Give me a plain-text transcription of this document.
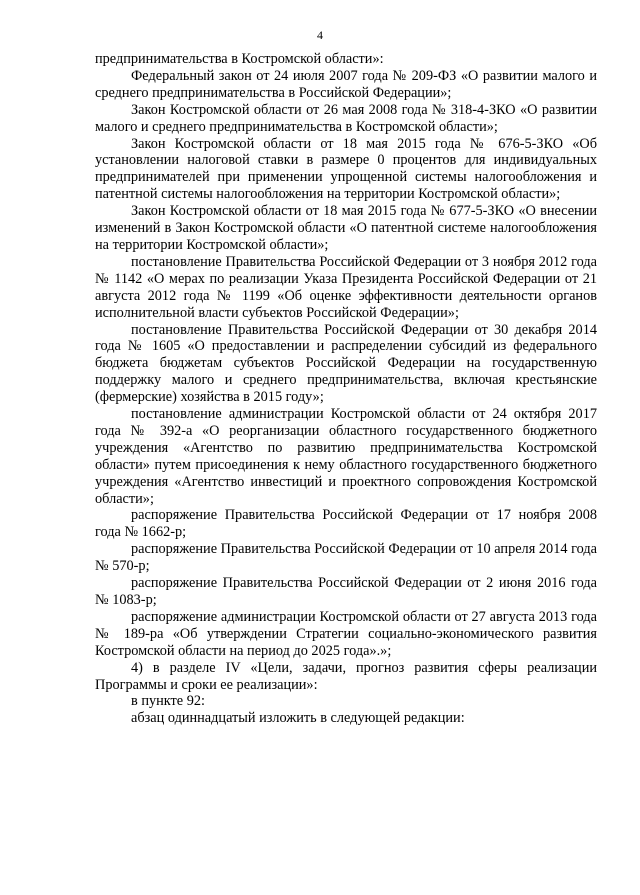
4

предпринимательства в Костромской области»:

Федеральный закон от 24 июля 2007 года № 209-ФЗ «О развитии малого и среднего предпринимательства в Российской Федерации»;

Закон Костромской области от 26 мая 2008 года № 318-4-ЗКО «О развитии малого и среднего предпринимательства в Костромской области»;

Закон Костромской области от 18 мая 2015 года № 676-5-ЗКО «Об установлении налоговой ставки в размере 0 процентов для индивидуальных предпринимателей при применении упрощенной системы налогообложения и патентной системы налогообложения на территории Костромской области»;

Закон Костромской области от 18 мая 2015 года № 677-5-ЗКО «О внесении изменений в Закон Костромской области «О патентной системе налогообложения на территории Костромской области»;

постановление Правительства Российской Федерации от 3 ноября 2012 года № 1142 «О мерах по реализации Указа Президента Российской Федерации от 21 августа 2012 года № 1199 «Об оценке эффективности деятельности органов исполнительной власти субъектов Российской Федерации»;

постановление Правительства Российской Федерации от 30 декабря 2014 года № 1605 «О предоставлении и распределении субсидий из федерального бюджета бюджетам субъектов Российской Федерации на государственную поддержку малого и среднего предпринимательства, включая крестьянские (фермерские) хозяйства в 2015 году»;

постановление администрации Костромской области от 24 октября 2017 года № 392-а «О реорганизации областного государственного бюджетного учреждения «Агентство по развитию предпринимательства Костромской области» путем присоединения к нему областного государственного бюджетного учреждения «Агентство инвестиций и проектного сопровождения Костромской области»;

распоряжение Правительства Российской Федерации от 17 ноября 2008 года № 1662-р;

распоряжение Правительства Российской Федерации от 10 апреля 2014 года № 570-р;

распоряжение Правительства Российской Федерации от 2 июня 2016 года № 1083-р;

распоряжение администрации Костромской области от 27 августа 2013 года № 189-ра «Об утверждении Стратегии социально-экономического развития Костромской области на период до 2025 года».»;

4) в разделе IV «Цели, задачи, прогноз развития сферы реализации Программы и сроки ее реализации»:

в пункте 92:

абзац одиннадцатый изложить в следующей редакции:
